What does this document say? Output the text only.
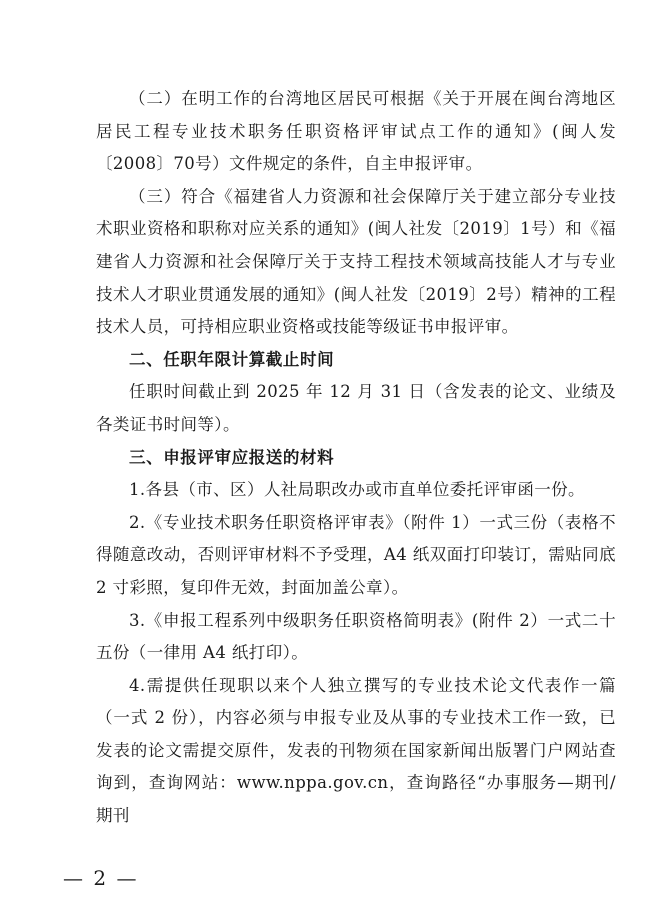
（二）在明工作的台湾地区居民可根据《关于开展在闽台湾地区居民工程专业技术职务任职资格评审试点工作的通知》(闽人发〔2008〕70号）文件规定的条件，自主申报评审。

（三）符合《福建省人力资源和社会保障厅关于建立部分专业技术职业资格和职称对应关系的通知》(闽人社发〔2019〕1号）和《福建省人力资源和社会保障厅关于支持工程技术领域高技能人才与专业技术人才职业贯通发展的通知》(闽人社发〔2019〕2号）精神的工程技术人员，可持相应职业资格或技能等级证书申报评审。

二、任职年限计算截止时间

任职时间截止到 2025 年 12 月 31 日（含发表的论文、业绩及各类证书时间等）。

三、申报评审应报送的材料

1.各县（市、区）人社局职改办或市直单位委托评审函一份。

2.《专业技术职务任职资格评审表》（附件 1）一式三份（表格不得随意改动，否则评审材料不予受理，A4 纸双面打印装订，需贴同底 2 寸彩照，复印件无效，封面加盖公章）。

3.《申报工程系列中级职务任职资格简明表》(附件 2）一式二十五份（一律用 A4 纸打印）。

4.需提供任现职以来个人独立撰写的专业技术论文代表作一篇（一式 2 份），内容必须与申报专业及从事的专业技术工作一致，已发表的论文需提交原件，发表的刊物须在国家新闻出版署门户网站查询到，查询网站：www.nppa.gov.cn，查询路径“办事服务—期刊/期刊

— 2 —
